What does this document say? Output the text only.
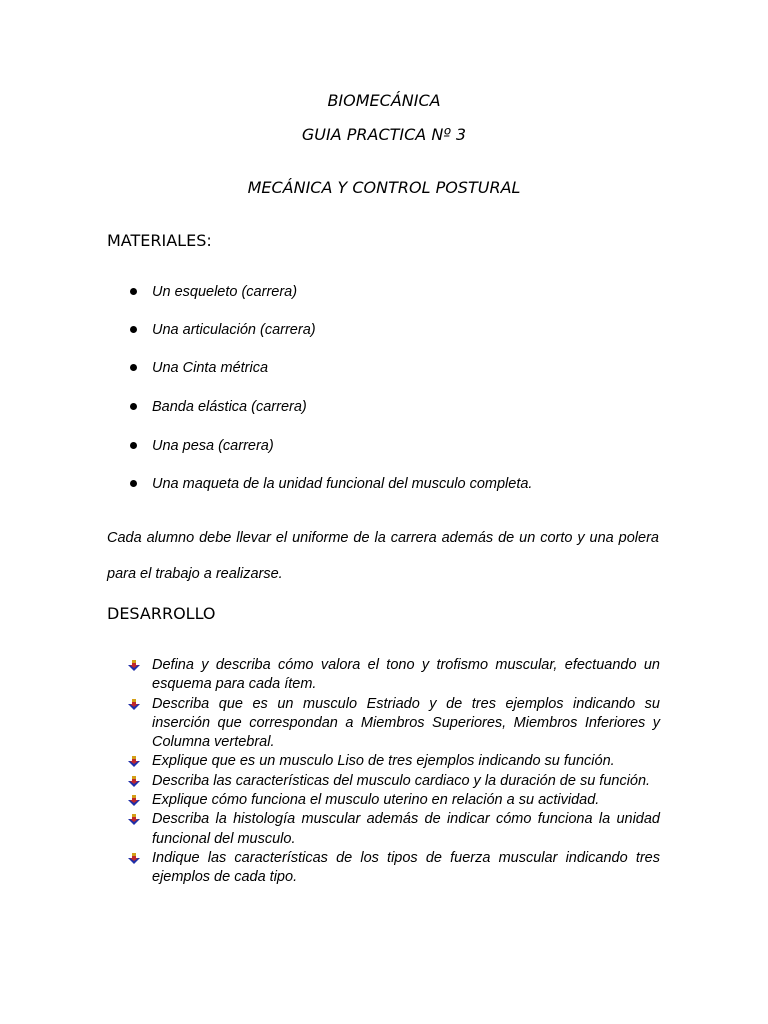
BIOMECÁNICA
GUIA PRACTICA Nº 3
MECÁNICA Y CONTROL POSTURAL
MATERIALES:
Un esqueleto (carrera)
Una articulación (carrera)
Una Cinta métrica
Banda elástica (carrera)
Una pesa (carrera)
Una maqueta de la unidad funcional del musculo completa.

Cada alumno debe llevar el uniforme de la carrera además de un corto y una polera para el trabajo a realizarse.

DESARROLLO
Defina y describa cómo valora el tono y trofismo muscular, efectuando un esquema para cada ítem.
Describa que es un musculo Estriado y de tres ejemplos indicando su inserción que correspondan a Miembros Superiores, Miembros Inferiores y Columna vertebral.
Explique que es un musculo Liso de tres ejemplos indicando su función.
Describa las características del musculo cardiaco y la duración de su función.
Explique cómo funciona el musculo uterino en relación a su actividad.
Describa la histología muscular además de indicar cómo funciona la unidad funcional del musculo.
Indique las características de los tipos de fuerza muscular indicando tres ejemplos de cada tipo.
